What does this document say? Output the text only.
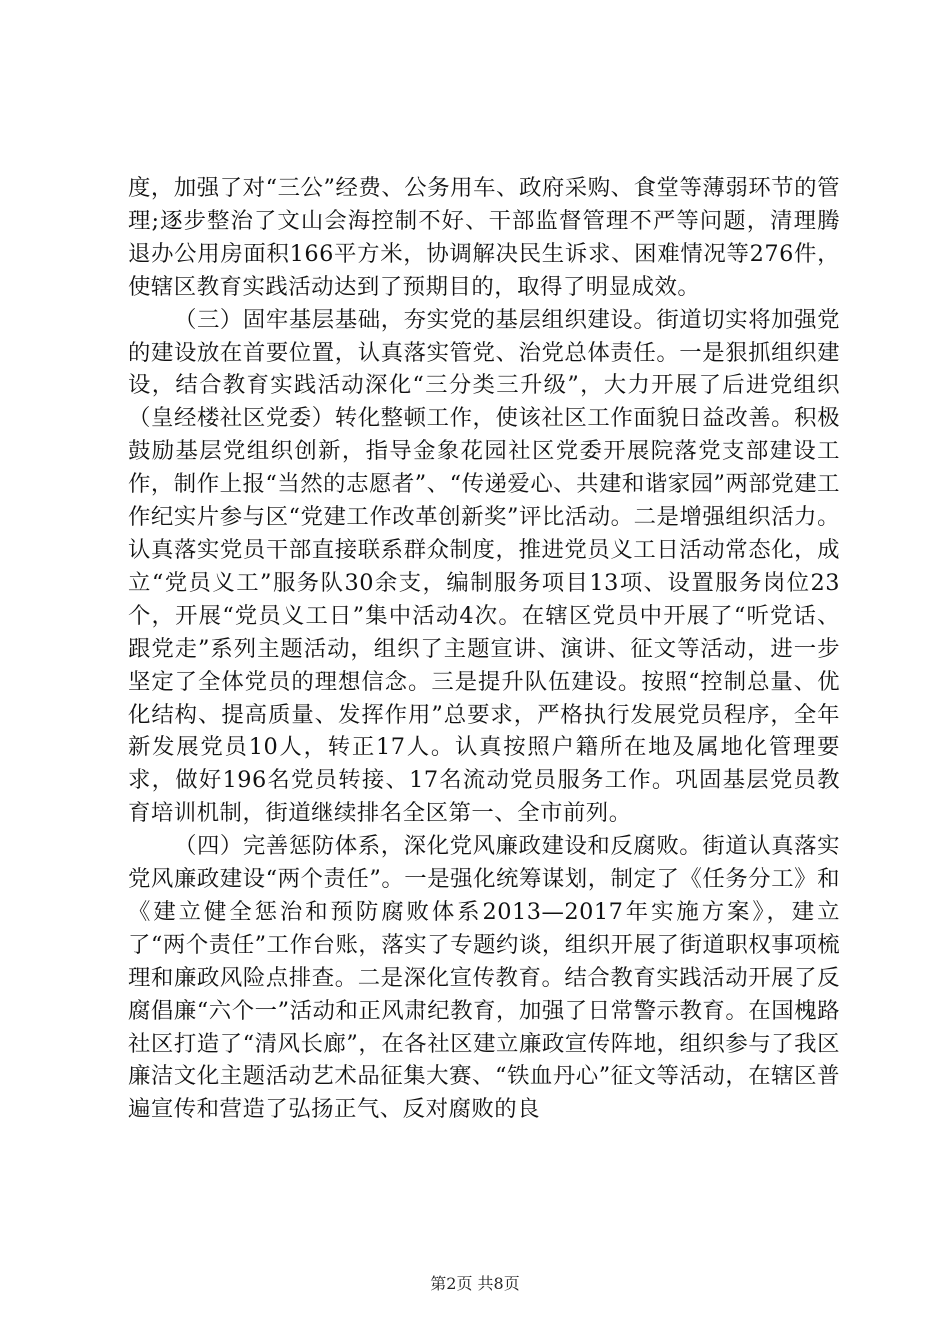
度，加强了对“三公”经费、公务用车、政府采购、食堂等薄弱环节的管理;逐步整治了文山会海控制不好、干部监督管理不严等问题，清理腾退办公用房面积166平方米，协调解决民生诉求、困难情况等276件，使辖区教育实践活动达到了预期目的，取得了明显成效。

（三）固牢基层基础，夯实党的基层组织建设。街道切实将加强党的建设放在首要位置，认真落实管党、治党总体责任。一是狠抓组织建设，结合教育实践活动深化“三分类三升级”，大力开展了后进党组织（皇经楼社区党委）转化整顿工作，使该社区工作面貌日益改善。积极鼓励基层党组织创新，指导金象花园社区党委开展院落党支部建设工作，制作上报“当然的志愿者”、“传递爱心、共建和谐家园”两部党建工作纪实片参与区“党建工作改革创新奖”评比活动。二是增强组织活力。认真落实党员干部直接联系群众制度，推进党员义工日活动常态化，成立“党员义工”服务队30余支，编制服务项目13项、设置服务岗位23个，开展“党员义工日”集中活动4次。在辖区党员中开展了“听党话、跟党走”系列主题活动，组织了主题宣讲、演讲、征文等活动，进一步坚定了全体党员的理想信念。三是提升队伍建设。按照“控制总量、优化结构、提高质量、发挥作用”总要求，严格执行发展党员程序，全年新发展党员10人，转正17人。认真按照户籍所在地及属地化管理要求，做好196名党员转接、17名流动党员服务工作。巩固基层党员教育培训机制，街道继续排名全区第一、全市前列。

（四）完善惩防体系，深化党风廉政建设和反腐败。街道认真落实党风廉政建设“两个责任”。一是强化统筹谋划，制定了《任务分工》和《建立健全惩治和预防腐败体系2013—2017年实施方案》，建立了“两个责任”工作台账，落实了专题约谈，组织开展了街道职权事项梳理和廉政风险点排查。二是深化宣传教育。结合教育实践活动开展了反腐倡廉“六个一”活动和正风肃纪教育，加强了日常警示教育。在国槐路社区打造了“清风长廊”，在各社区建立廉政宣传阵地，组织参与了我区廉洁文化主题活动艺术品征集大赛、“铁血丹心”征文等活动，在辖区普遍宣传和营造了弘扬正气、反对腐败的良

第2页 共8页
